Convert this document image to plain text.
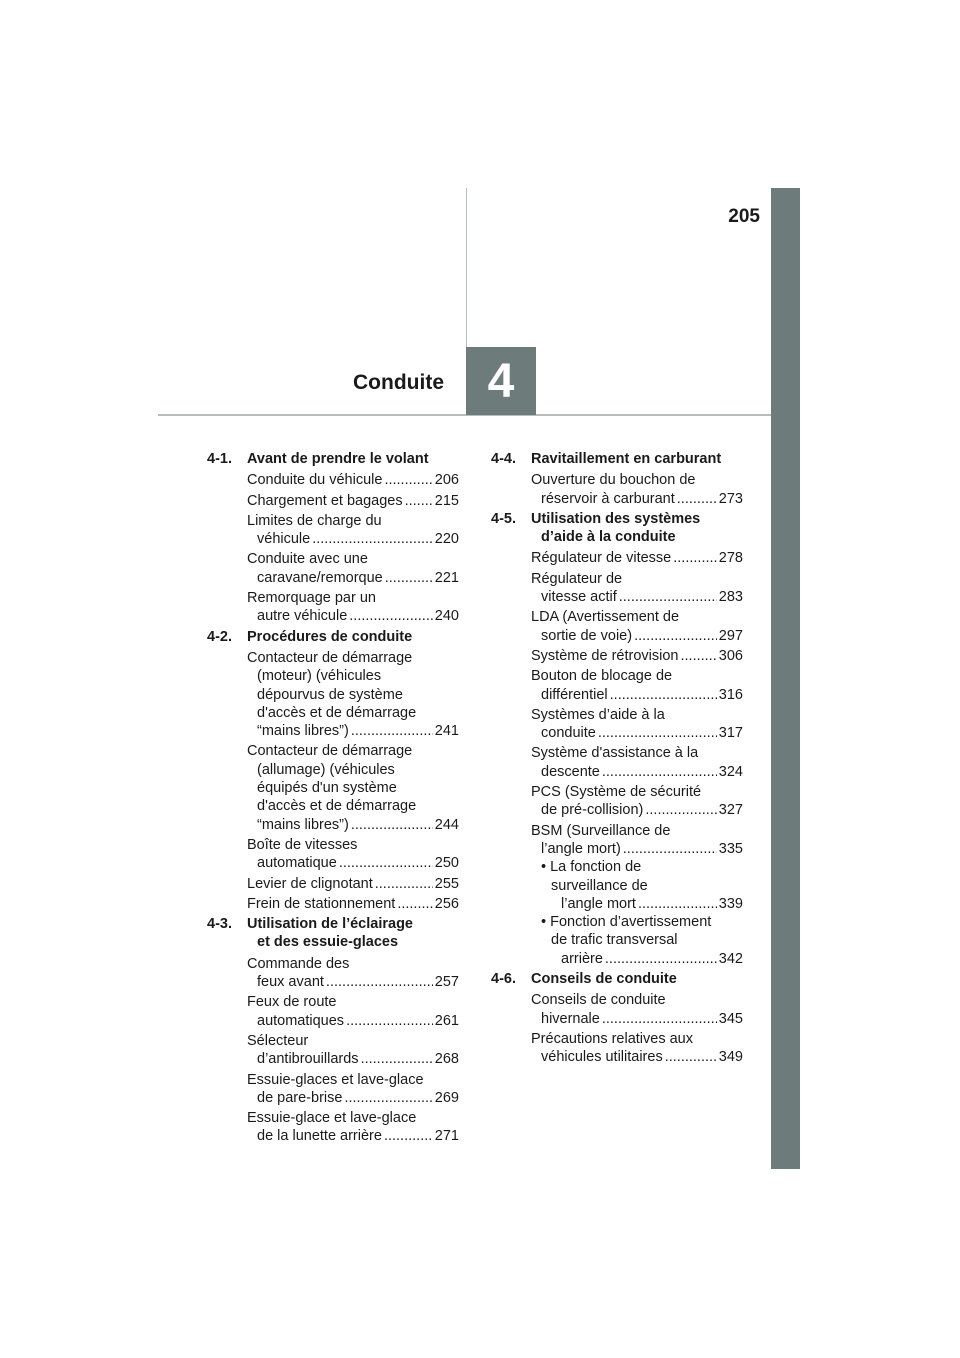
205
4
Conduite
4-1.	Avant de prendre le volant
Conduite du véhicule .....	206
Chargement et bagages ..... 215
Limites de charge du
véhicule .....	220
Conduite avec une
caravane/remorque .....	221
Remorquage par un
autre véhicule .....	240
4-2.	Procédures de conduite
Contacteur de démarrage
(moteur) (véhicules
dépourvus de système
d'accès et de démarrage
“mains libres”) .....	241
Contacteur de démarrage
(allumage) (véhicules
équipés d'un système
d'accès et de démarrage
“mains libres”) .....	244
Boîte de vitesses
automatique .....	250
Levier de clignotant .....	255
Frein de stationnement .....	256
4-3.	Utilisation de l’éclairage
et des essuie-glaces
Commande des
feux avant .....	257
Feux de route
automatiques .....	261
Sélecteur
d’antibrouillards .....	268
Essuie-glaces et lave-glace
de pare-brise .....	269
Essuie-glace et lave-glace
de la lunette arrière .....	271
4-4.	Ravitaillement en carburant
Ouverture du bouchon de
réservoir à carburant .....	273
4-5.	Utilisation des systèmes
d’aide à la conduite
Régulateur de vitesse .....	278
Régulateur de
vitesse actif .....	283
LDA (Avertissement de
sortie de voie) .....	297
Système de rétrovision .....	306
Bouton de blocage de
différentiel .....	316
Systèmes d’aide à la
conduite .....	317
Système d'assistance à la
descente .....	324
PCS (Système de sécurité
de pré-collision) .....	327
BSM (Surveillance de
l’angle mort) .....	335
• La fonction de
surveillance de
l’angle mort .....	339
• Fonction d’avertissement
de trafic transversal
arrière .....	342
4-6.	Conseils de conduite
Conseils de conduite
hivernale .....	345
Précautions relatives aux
véhicules utilitaires .....	349
